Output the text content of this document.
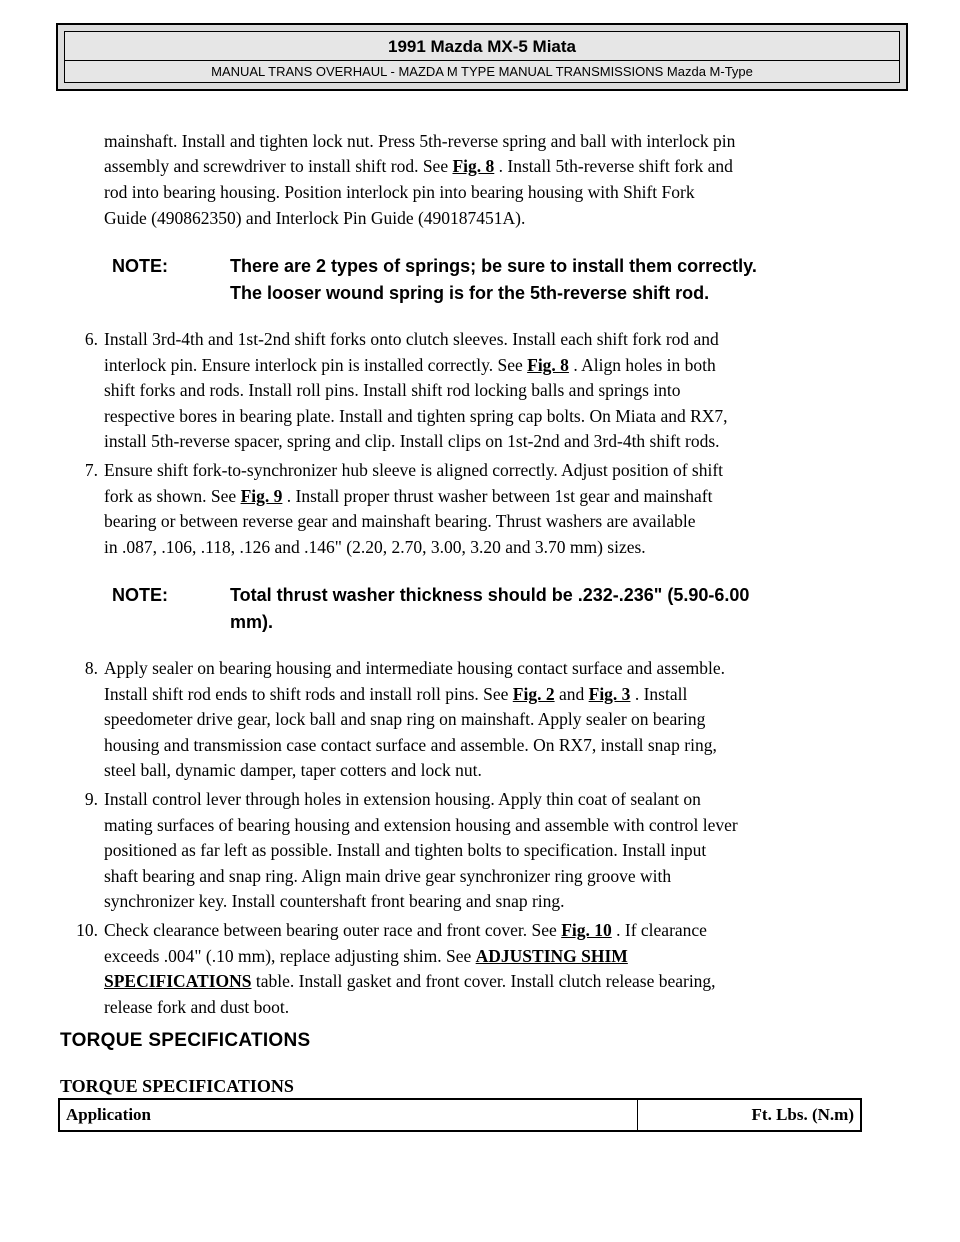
1991 Mazda MX-5 Miata
MANUAL TRANS OVERHAUL - MAZDA M TYPE MANUAL TRANSMISSIONS Mazda M-Type
mainshaft. Install and tighten lock nut. Press 5th-reverse spring and ball with interlock pin
assembly and screwdriver to install shift rod. See Fig. 8 . Install 5th-reverse shift fork and
rod into bearing housing. Position interlock pin into bearing housing with Shift Fork
Guide (490862350) and Interlock Pin Guide (490187451A).
NOTE:	There are 2 types of springs; be sure to install them correctly.
The looser wound spring is for the 5th-reverse shift rod.
6. Install 3rd-4th and 1st-2nd shift forks onto clutch sleeves. Install each shift fork rod and
interlock pin. Ensure interlock pin is installed correctly. See Fig. 8 . Align holes in both
shift forks and rods. Install roll pins. Install shift rod locking balls and springs into
respective bores in bearing plate. Install and tighten spring cap bolts. On Miata and RX7,
install 5th-reverse spacer, spring and clip. Install clips on 1st-2nd and 3rd-4th shift rods.
7. Ensure shift fork-to-synchronizer hub sleeve is aligned correctly. Adjust position of shift
fork as shown. See Fig. 9 . Install proper thrust washer between 1st gear and mainshaft
bearing or between reverse gear and mainshaft bearing. Thrust washers are available
in .087, .106, .118, .126 and .146" (2.20, 2.70, 3.00, 3.20 and 3.70 mm) sizes.
NOTE:	Total thrust washer thickness should be .232-.236" (5.90-6.00
mm).
8. Apply sealer on bearing housing and intermediate housing contact surface and assemble.
Install shift rod ends to shift rods and install roll pins. See Fig. 2 and Fig. 3 . Install
speedometer drive gear, lock ball and snap ring on mainshaft. Apply sealer on bearing
housing and transmission case contact surface and assemble. On RX7, install snap ring,
steel ball, dynamic damper, taper cotters and lock nut.
9. Install control lever through holes in extension housing. Apply thin coat of sealant on
mating surfaces of bearing housing and extension housing and assemble with control lever
positioned as far left as possible. Install and tighten bolts to specification. Install input
shaft bearing and snap ring. Align main drive gear synchronizer ring groove with
synchronizer key. Install countershaft front bearing and snap ring.
10. Check clearance between bearing outer race and front cover. See Fig. 10 . If clearance
exceeds .004" (.10 mm), replace adjusting shim. See ADJUSTING SHIM
SPECIFICATIONS table. Install gasket and front cover. Install clutch release bearing,
release fork and dust boot.
TORQUE SPECIFICATIONS
TORQUE SPECIFICATIONS
Application	Ft. Lbs. (N.m)
